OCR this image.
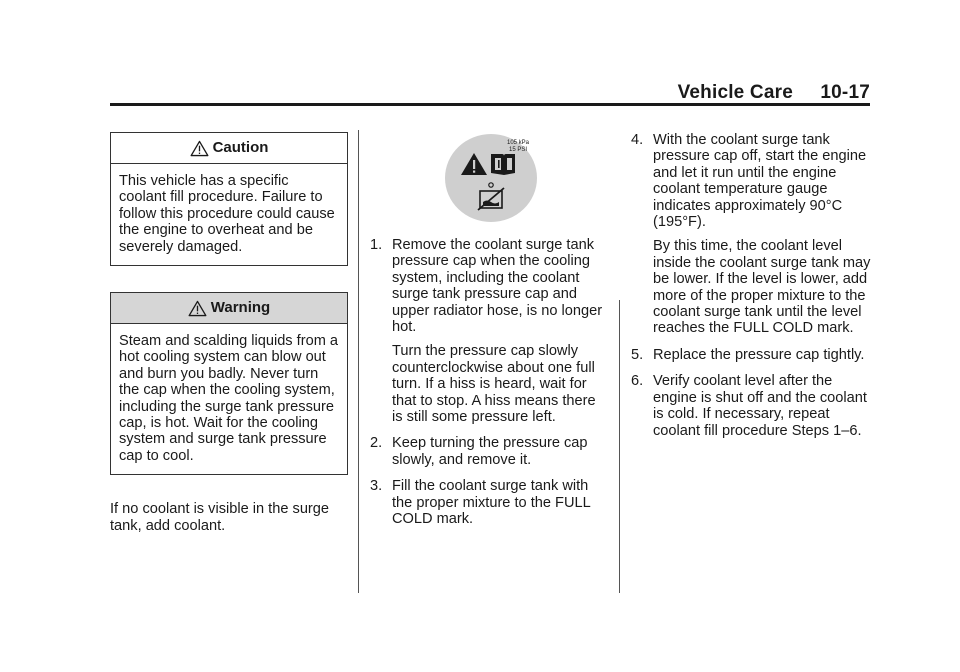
Vehicle Care 10-17
Caution
This vehicle has a specific coolant fill procedure. Failure to follow this procedure could cause the engine to overheat and be severely damaged.
Warning
Steam and scalding liquids from a hot cooling system can blow out and burn you badly. Never turn the cap when the cooling system, including the surge tank pressure cap, is hot. Wait for the cooling system and surge tank pressure cap to cool.

If no coolant is visible in the surge tank, add coolant.

105 kPa
15 PSI
1. Remove the coolant surge tank pressure cap when the cooling system, including the coolant surge tank pressure cap and upper radiator hose, is no longer hot.

Turn the pressure cap slowly counterclockwise about one full turn. If a hiss is heard, wait for that to stop. A hiss means there is still some pressure left.

2. Keep turning the pressure cap slowly, and remove it.
3. Fill the coolant surge tank with the proper mixture to the FULL COLD mark.
4. With the coolant surge tank pressure cap off, start the engine and let it run until the engine coolant temperature gauge indicates approximately 90°C (195°F).

By this time, the coolant level inside the coolant surge tank may be lower. If the level is lower, add more of the proper mixture to the coolant surge tank until the level reaches the FULL COLD mark.

5. Replace the pressure cap tightly.
6. Verify coolant level after the engine is shut off and the coolant is cold. If necessary, repeat coolant fill procedure Steps 1–6.
